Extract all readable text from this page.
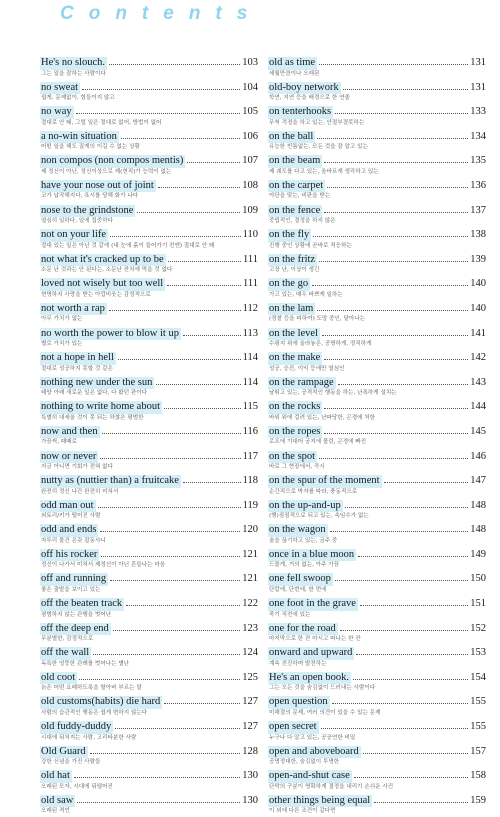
Contents
He's no slouch.	103
그는 일을 잘하는 사람이다
no sweat	104
쉽게, 문제없이, 힘들이지 않고
no way	105
절대로 안 돼, 그럴 일은 절대로 없어, 방법이 없어
a no-win situation	106
어떤 일을 해도 질게의 이길 수 없는 상황
non compos (non compos mentis)	107
제 정신이 아닌, 정신이상으로 제(현직)가 능력이 없는
have your nose out of joint	108
코가 납작해지다, 욕시를 당해 화가 나다
nose to the grindstone	109
열심히 일하다, 일에 집중하다
not on your life	110
절대 있는 일은 아닌 것 같에 (내 눈에 흙이 들어가기 전엔) 절대로 안 돼
not what it's cracked up to be	111
소문 난 것과는 안 된다는, 소문난 잔치에 먹을 것 없다
loved not wisely but too well	111
현명하지 사랑을 받는 아깝비웃는 감정적으로
not worth a rap	112
아무 가치가 없는
no worth the power to blow it up	113
별로 가치가 있는
not a hope in hell	114
절대로 성공하지 못할 것 같은
nothing new under the sun	114
태양 아래 새로운 일은 없다, 다 봤던 판이다
nothing to write home about	115
특별히 내세울 것이 못 되는 하찮은 평범한
now and then	116
가끔씩, 때때로
now or never	117
지금 아니면 기회가 전혀 없다
nutty as (nuttier than) a fruitcake	118
완전히 정신 나간 완전히 미쳐서
odd man out	119
외토리/키가 떨어진 사람
odd and ends	120
자투리 물건 온갖 잡동사니
off his rocker	121
정신이 나가서 미쳐서 제정신이 아닌 흔들나는 마음
off and running	121
좋은 출발을 보이고 있는
off the beaten track	122
평범하지 않는 관행을 벗어난
off the deep end	123
무분별한, 감정적으로
off the wall	124
독특한 엉뚱한 관례를 벗어나는 별난
old coot	125
늙은 어떤 요패하도록을 할아버 부르는 말
old customs(habits) die hard	127
사람의 습관적인 행동은 쉽게 변하지 않는다
old fuddy-duddy	127
시대에 뒤처지는 사람, 고리타분한 사람
Old Guard	128
강한 신념을 가진 사람들
old hat	130
오래된 모자, 시대에 뒤떨어진
old saw	130
오래된 격언
old as time	131
세월만큼이나 오래된
old-boy network	131
학연, 지연 등을 배경으로 한 연줄
on tenterhooks	133
무척 걱정을 하고 있는, 안절부절못하는
on the ball	134
유능한 빈틈없는, 모든 것을 잘 알고 있는
on the beam	135
제 궤도를 다고 있는, 올바르게 생각하고 있는
on the carpet	136
야단을 맞는, 비판을 받는
on the fence	137
중립적인, 결정을 하지 않은
on the fly	138
진행 중인 상황에 곧바로 적응하는
on the fritz	139
고장 난, 이상이 생긴
on the go	140
가고 있는, 매우 바쁘게 일하는
on the lam	140
(경찰 등을 피하여) 도망 중인, 달아나는
on the level	141
수평지 위에 올라놓은, 공명하게, 정직하게
on the make	142
성공, 승진, 이익 등에만 열심인
on the rampage	143
날뛰고 있는, 공격적인 행동을 하는, 난폭하게 설치는
on the rocks	144
바위 위에 걸려 있는, 난파당한, 곤경에 처한
on the ropes	145
로프에 기대어 궁지에 몰린, 곤경에 빠진
on the spot	146
바로 그 현장에서, 즉시
on the spur of the moment	147
순간적으로 박자를 따라, 충동적으로
on the up-and-up	148
(행)점점적으로 되고 있는, 속임수가 없는
on the wagon	148
술을 끊기하고 있는, 금주 중
once in a blue moon	149
드물게, 거의 없는, 아주 가끔
one fell swoop	150
단칼에, 단번에, 한 번에
one foot in the grave	151
죽기 직전에 있는
one for the road	152
마지막으로 한 잔 마시고 떠나는 한 잔
onward and upward	153
계속 전진하며 발전하는
He's an open book.	154
그는 모든 것을 숨김없이 드러내는 사람이다
open question	155
미해결의 문제, 여러 의견이 있을 수 있는 문제
open secret	155
누구나 다 알고 있는, 공공연한 비밀
open and aboveboard	157
공명정대한, 숨김없이 투명한
open-and-shut case	158
단막의 구분이 명확하게 결정을 내리기 손쉬운 사건
other things being equal	159
이 외에 다른 조건이 같다면
